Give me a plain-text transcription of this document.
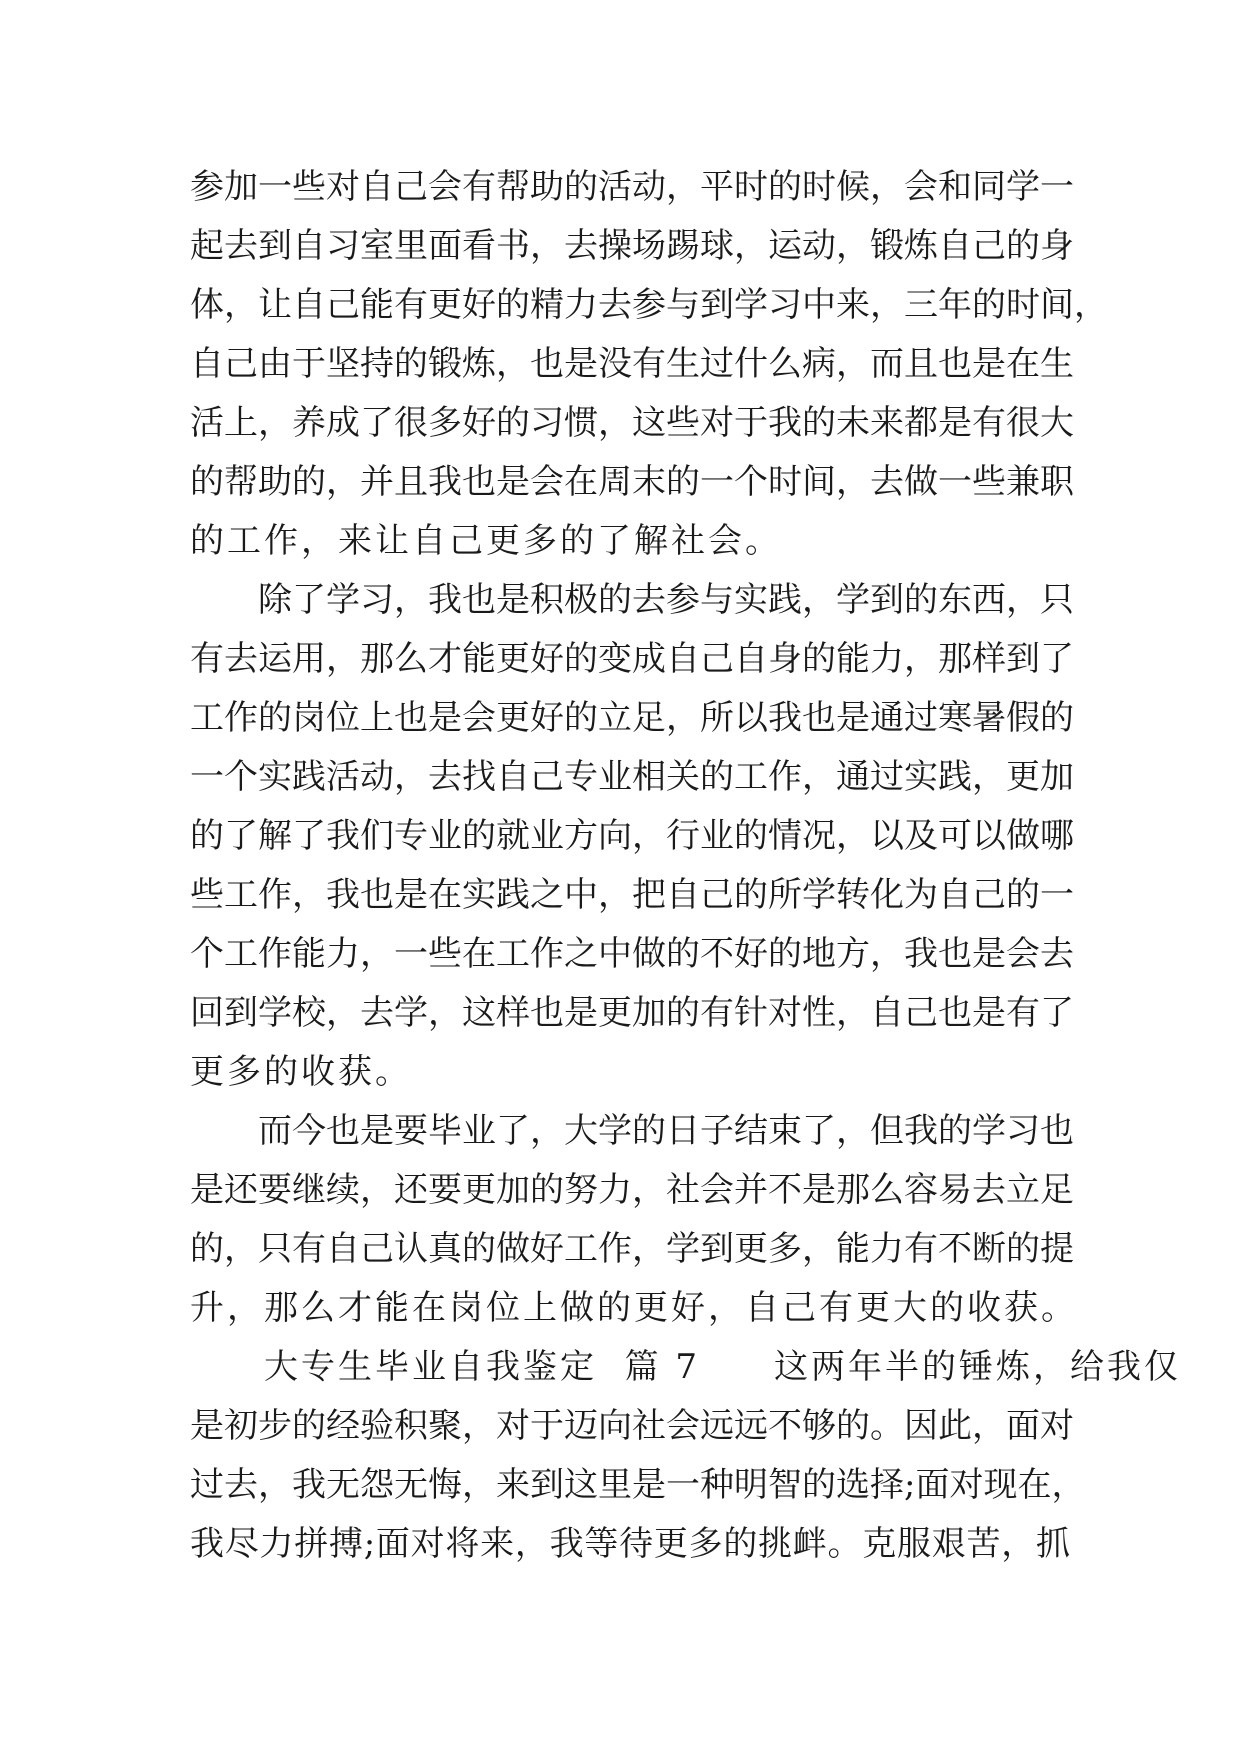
参加一些对自己会有帮助的活动，平时的时候，会和同学一
起去到自习室里面看书，去操场踢球，运动，锻炼自己的身
体，让自己能有更好的精力去参与到学习中来，三年的时间，
自己由于坚持的锻炼，也是没有生过什么病，而且也是在生
活上，养成了很多好的习惯，这些对于我的未来都是有很大
的帮助的，并且我也是会在周末的一个时间，去做一些兼职
的工作，来让自己更多的了解社会。
　　除了学习，我也是积极的去参与实践，学到的东西，只
有去运用，那么才能更好的变成自己自身的能力，那样到了
工作的岗位上也是会更好的立足，所以我也是通过寒暑假的
一个实践活动，去找自己专业相关的工作，通过实践，更加
的了解了我们专业的就业方向，行业的情况，以及可以做哪
些工作，我也是在实践之中，把自己的所学转化为自己的一
个工作能力，一些在工作之中做的不好的地方，我也是会去
回到学校，去学，这样也是更加的有针对性，自己也是有了
更多的收获。
　　而今也是要毕业了，大学的日子结束了，但我的学习也
是还要继续，还要更加的努力，社会并不是那么容易去立足
的，只有自己认真的做好工作，学到更多，能力有不断的提
升，那么才能在岗位上做的更好，自己有更大的收获。
　　大专生毕业自我鉴定  篇 7　　这两年半的锤炼，给我仅
是初步的经验积聚，对于迈向社会远远不够的。因此，面对
过去，我无怨无悔，来到这里是一种明智的选择;面对现在，
我尽力拼搏;面对将来，我等待更多的挑衅。克服艰苦，抓
